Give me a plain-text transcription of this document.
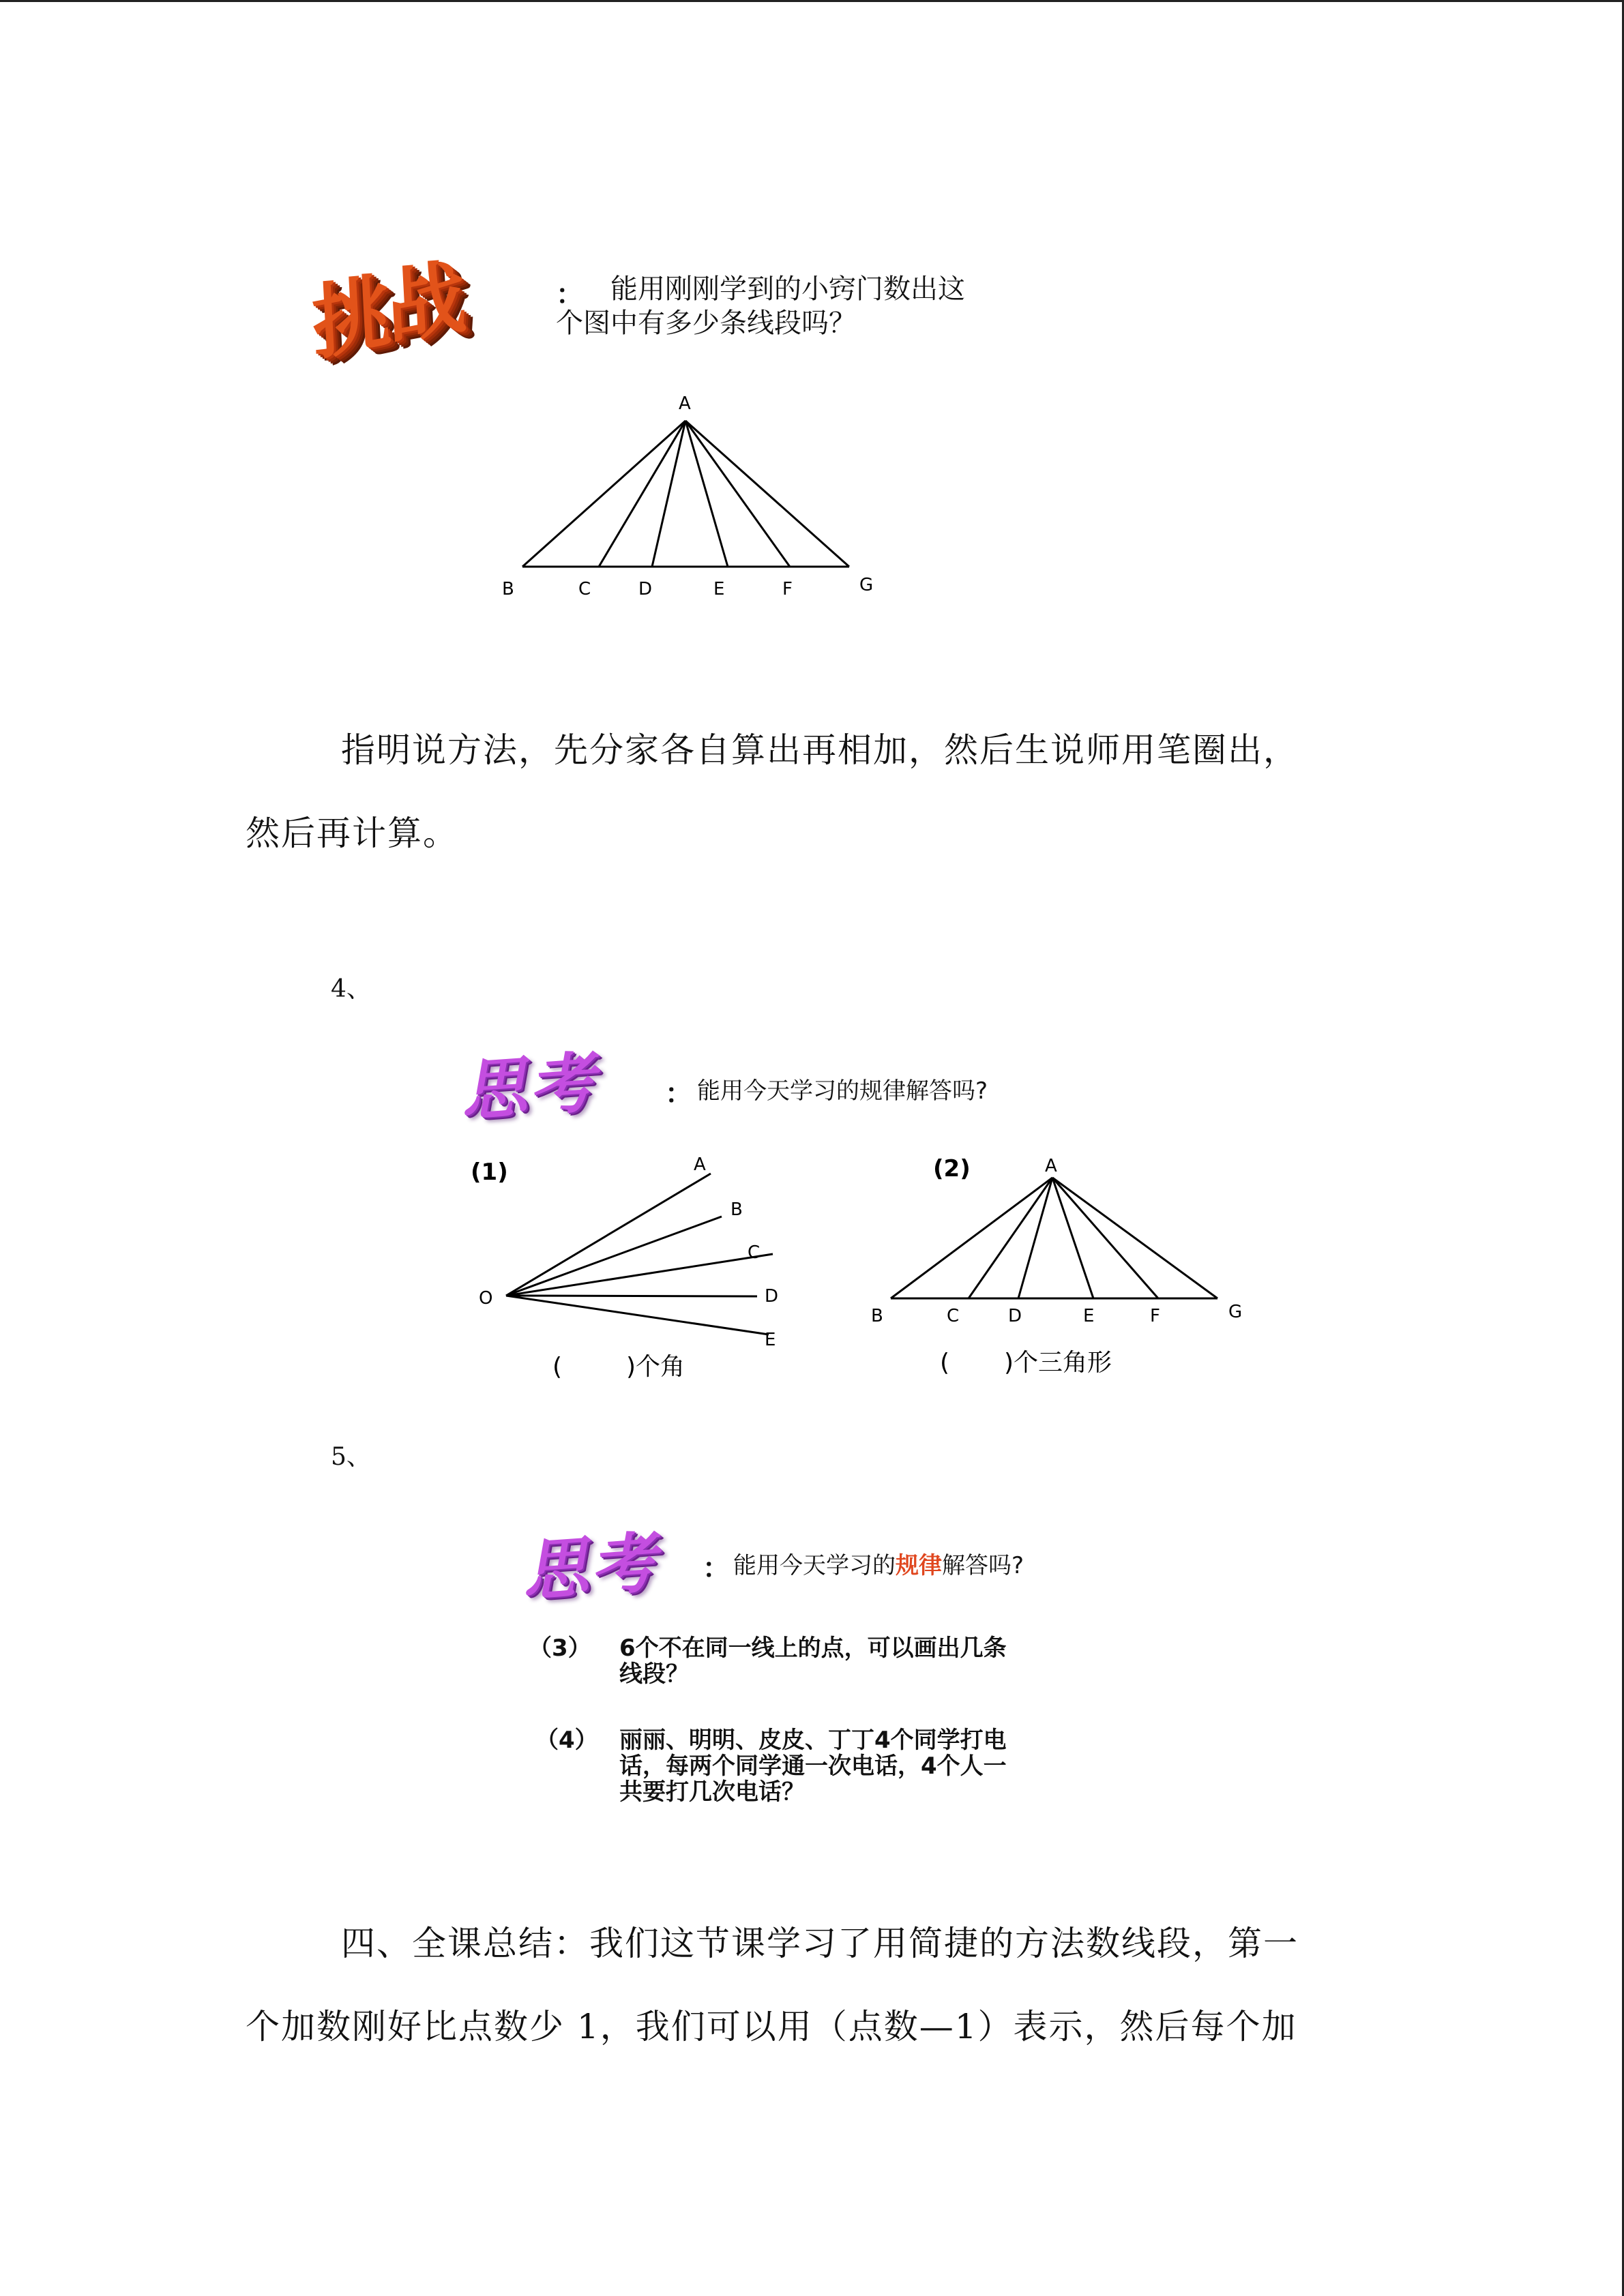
挑战	： 能用刚刚学到的小窍门数出这
个图中有多少条线段吗？
A
B	C	D	E	F	G
指明说方法，先分家各自算出再相加，然后生说师用笔圈出，
然后再计算。
4、
思考 ： 能用今天学习的规律解答吗?
(1)
O
A
B
C
D
E
(	)个角
(2)	A
B	C	D	E	F	G
( )个三角形
5、
思考 ： 能用今天学习的规律解答吗?
（3） 6个不在同一线上的点，可以画出几条
线段？
（4） 丽丽、明明、皮皮、丁丁4个同学打电
话，每两个同学通一次电话，4个人一
共要打几次电话？
四、全课总结：我们这节课学习了用简捷的方法数线段，第一
个加数刚好比点数少 1，我们可以用（点数—1）表示，然后每个加
